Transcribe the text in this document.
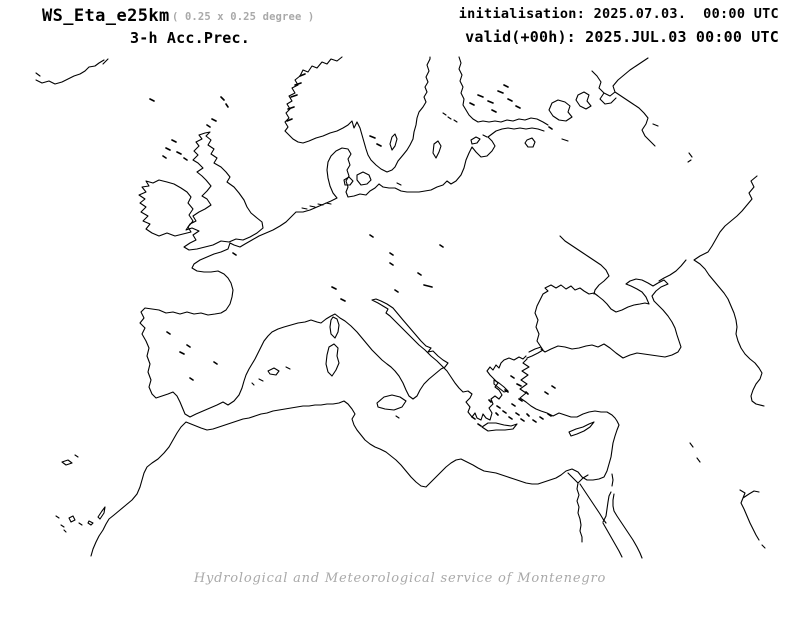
WS_Eta_e25km ( 0.25 x 0.25 degree )
3-h Acc.Prec.
initialisation: 2025.07.03.  00:00 UTC
valid(+00h): 2025.JUL.03 00:00 UTC
Hydrological and Meteorological service of Montenegro
